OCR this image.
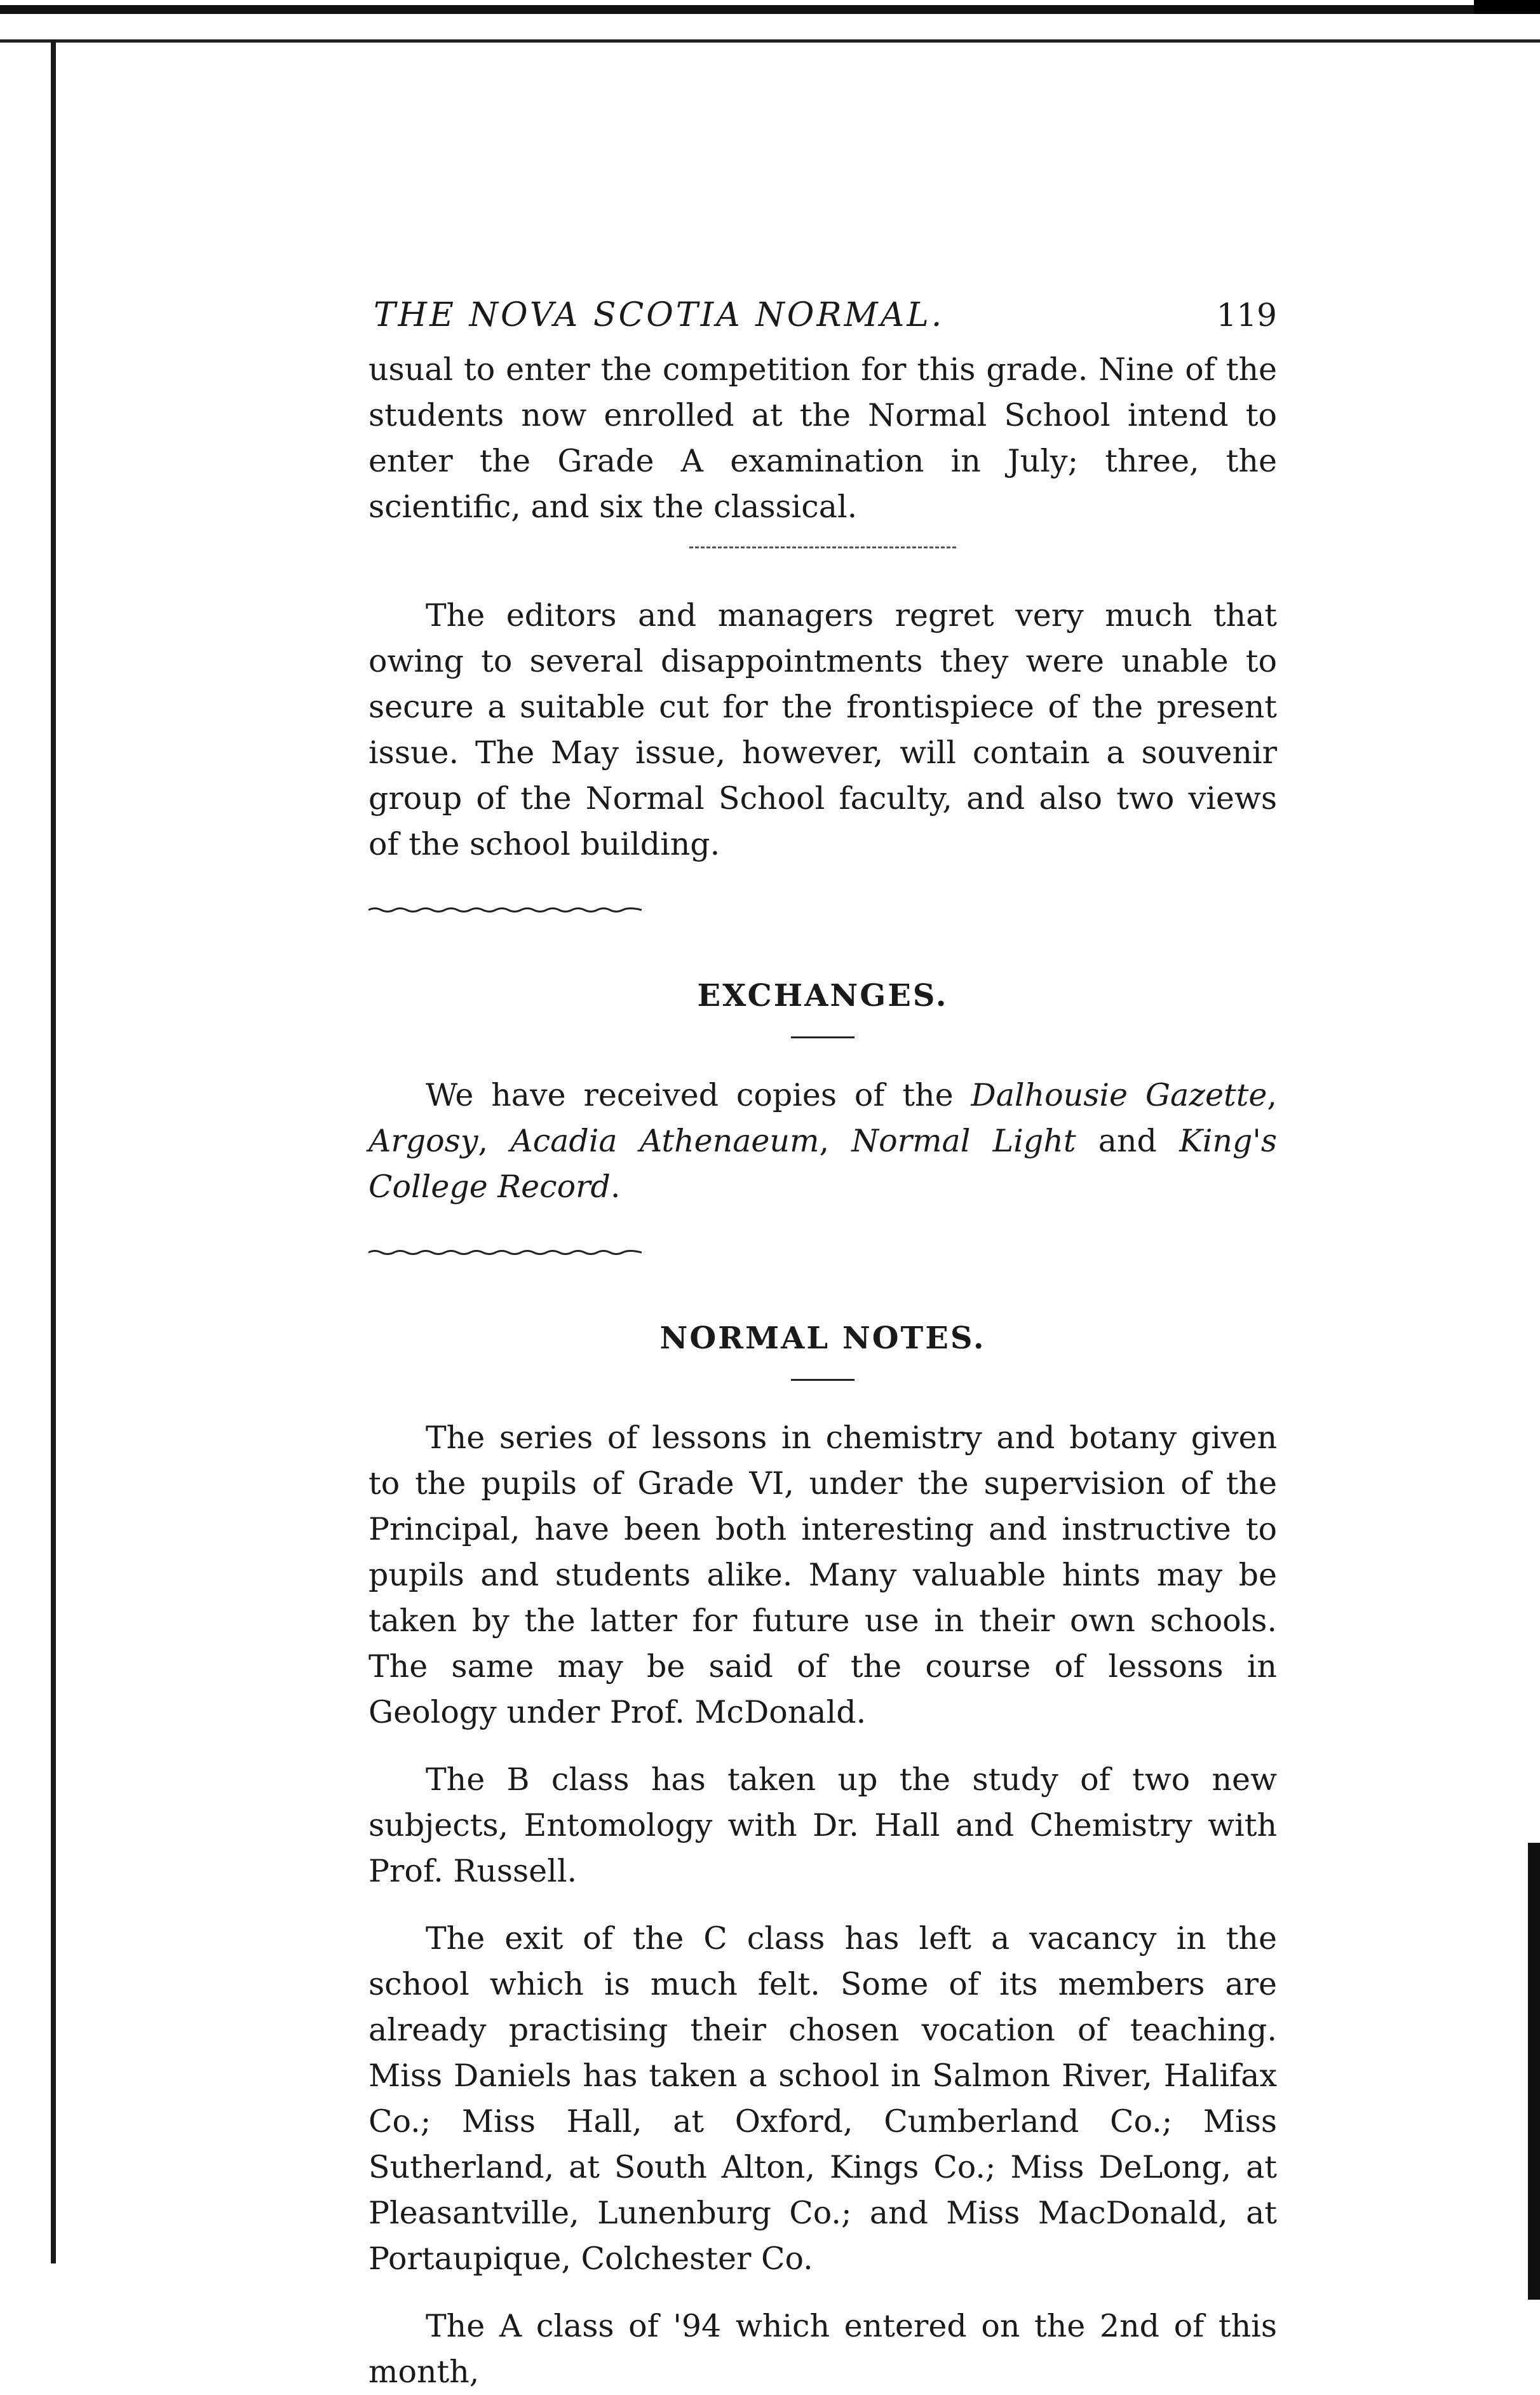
THE NOVA SCOTIA NORMAL.	119

usual to enter the competition for this grade. Nine of the students now enrolled at the Normal School intend to enter the Grade A examination in July; three, the scientific, and six the classical.

The editors and managers regret very much that owing to several disappointments they were unable to secure a suitable cut for the frontispiece of the present issue. The May issue, however, will contain a souvenir group of the Normal School faculty, and also two views of the school building.

EXCHANGES.

We have received copies of the Dalhousie Gazette, Argosy, Acadia Athenaeum, Normal Light and King's College Record.

NORMAL NOTES.

The series of lessons in chemistry and botany given to the pupils of Grade VI, under the supervision of the Principal, have been both interesting and instructive to pupils and students alike. Many valuable hints may be taken by the latter for future use in their own schools. The same may be said of the course of lessons in Geology under Prof. McDonald.

The B class has taken up the study of two new subjects, Entomology with Dr. Hall and Chemistry with Prof. Russell.

The exit of the C class has left a vacancy in the school which is much felt. Some of its members are already practising their chosen vocation of teaching. Miss Daniels has taken a school in Salmon River, Halifax Co.; Miss Hall, at Oxford, Cumberland Co.; Miss Sutherland, at South Alton, Kings Co.; Miss DeLong, at Pleasantville, Lunenburg Co.; and Miss MacDonald, at Portaupique, Colchester Co.

The A class of '94 which entered on the 2nd of this month,
